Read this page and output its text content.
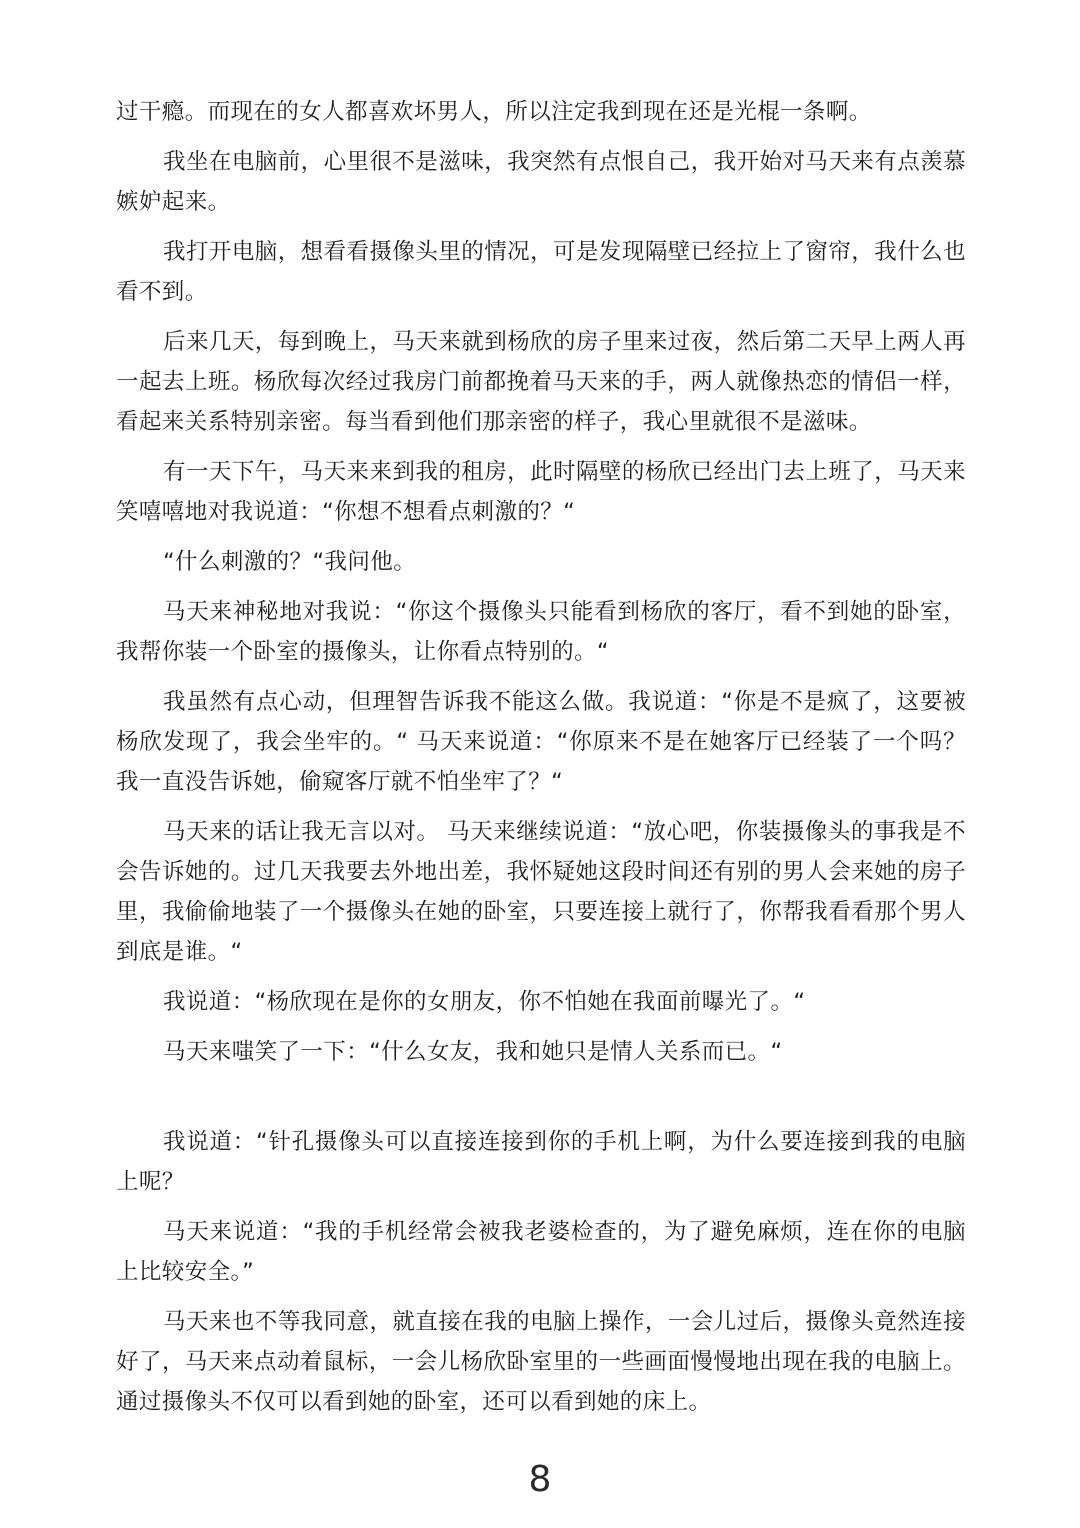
过干瘾。而现在的女人都喜欢坏男人，所以注定我到现在还是光棍一条啊。

我坐在电脑前，心里很不是滋味，我突然有点恨自己，我开始对马天来有点羡慕嫉妒起来。

我打开电脑，想看看摄像头里的情况，可是发现隔壁已经拉上了窗帘，我什么也看不到。

后来几天，每到晚上，马天来就到杨欣的房子里来过夜，然后第二天早上两人再一起去上班。杨欣每次经过我房门前都挽着马天来的手，两人就像热恋的情侣一样，看起来关系特别亲密。每当看到他们那亲密的样子，我心里就很不是滋味。

有一天下午，马天来来到我的租房，此时隔壁的杨欣已经出门去上班了，马天来笑嘻嘻地对我说道：“你想不想看点刺激的？“

“什么刺激的？“我问他。

马天来神秘地对我说：“你这个摄像头只能看到杨欣的客厅，看不到她的卧室，我帮你装一个卧室的摄像头，让你看点特别的。“

我虽然有点心动，但理智告诉我不能这么做。我说道：“你是不是疯了，这要被杨欣发现了，我会坐牢的。“ 马天来说道：“你原来不是在她客厅已经装了一个吗？我一直没告诉她，偷窥客厅就不怕坐牢了？“

马天来的话让我无言以对。 马天来继续说道：“放心吧，你装摄像头的事我是不会告诉她的。过几天我要去外地出差，我怀疑她这段时间还有别的男人会来她的房子里，我偷偷地装了一个摄像头在她的卧室，只要连接上就行了，你帮我看看那个男人到底是谁。“

我说道：“杨欣现在是你的女朋友，你不怕她在我面前曝光了。“

马天来嗤笑了一下：“什么女友，我和她只是情人关系而已。“

我说道：“针孔摄像头可以直接连接到你的手机上啊，为什么要连接到我的电脑上呢？

马天来说道：“我的手机经常会被我老婆检查的，为了避免麻烦，连在你的电脑上比较安全。”

马天来也不等我同意，就直接在我的电脑上操作，一会儿过后，摄像头竟然连接好了，马天来点动着鼠标，一会儿杨欣卧室里的一些画面慢慢地出现在我的电脑上。通过摄像头不仅可以看到她的卧室，还可以看到她的床上。

8
